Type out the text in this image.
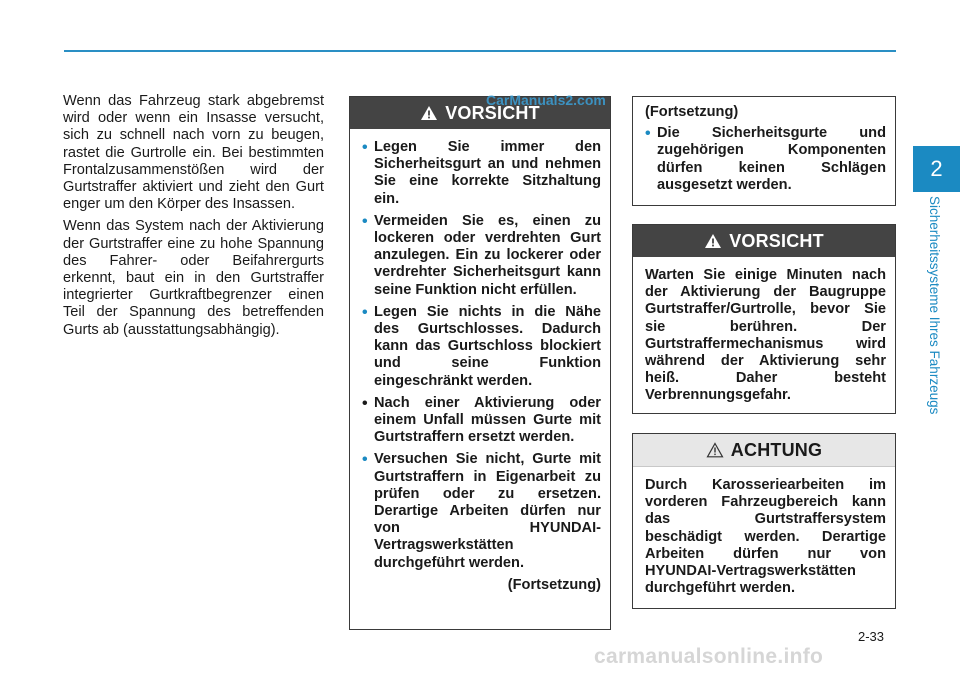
2
Sicherheitssysteme Ihres Fahrzeugs

Wenn das Fahrzeug stark abgebremst wird oder wenn ein Insasse versucht, sich zu schnell nach vorn zu beugen, rastet die Gurtrolle ein. Bei bestimmten Frontalzusammenstößen wird der Gurtstraffer aktiviert und zieht den Gurt enger um den Körper des Insassen.

Wenn das System nach der Aktivierung der Gurtstraffer eine zu hohe Spannung des Fahrer- oder Beifahrergurts erkennt, baut ein in den Gurtstraffer integrierter Gurtkraftbegrenzer einen Teil der Spannung des betreffenden Gurts ab (ausstattungsabhängig).

VORSICHT
• Legen Sie immer den Sicherheitsgurt an und nehmen Sie eine korrekte Sitzhaltung ein.
• Vermeiden Sie es, einen zu lockeren oder verdrehten Gurt anzulegen. Ein zu lockerer oder verdrehter Sicherheitsgurt kann seine Funktion nicht erfüllen.
• Legen Sie nichts in die Nähe des Gurtschlosses. Dadurch kann das Gurtschloss blockiert und seine Funktion eingeschränkt werden.
• Nach einer Aktivierung oder einem Unfall müssen Gurte mit Gurtstraffern ersetzt werden.
• Versuchen Sie nicht, Gurte mit Gurtstraffern in Eigenarbeit zu prüfen oder zu ersetzen. Derartige Arbeiten dürfen nur von HYUNDAI-Vertragswerkstätten durchgeführt werden.

(Fortsetzung)

(Fortsetzung)

• Die Sicherheitsgurte und zugehörigen Komponenten dürfen keinen Schlägen ausgesetzt werden.
VORSICHT

Warten Sie einige Minuten nach der Aktivierung der Baugruppe Gurtstraffer/Gurtrolle, bevor Sie sie berühren. Der Gurtstraffermechanismus wird während der Aktivierung sehr heiß. Daher besteht Verbrennungsgefahr.

ACHTUNG

Durch Karosseriearbeiten im vorderen Fahrzeugbereich kann das Gurtstraffersystem beschädigt werden. Derartige Arbeiten dürfen nur von HYUNDAI-Vertragswerkstätten durchgeführt werden.

CarManuals2.com
2-33
carmanualsonline.info
